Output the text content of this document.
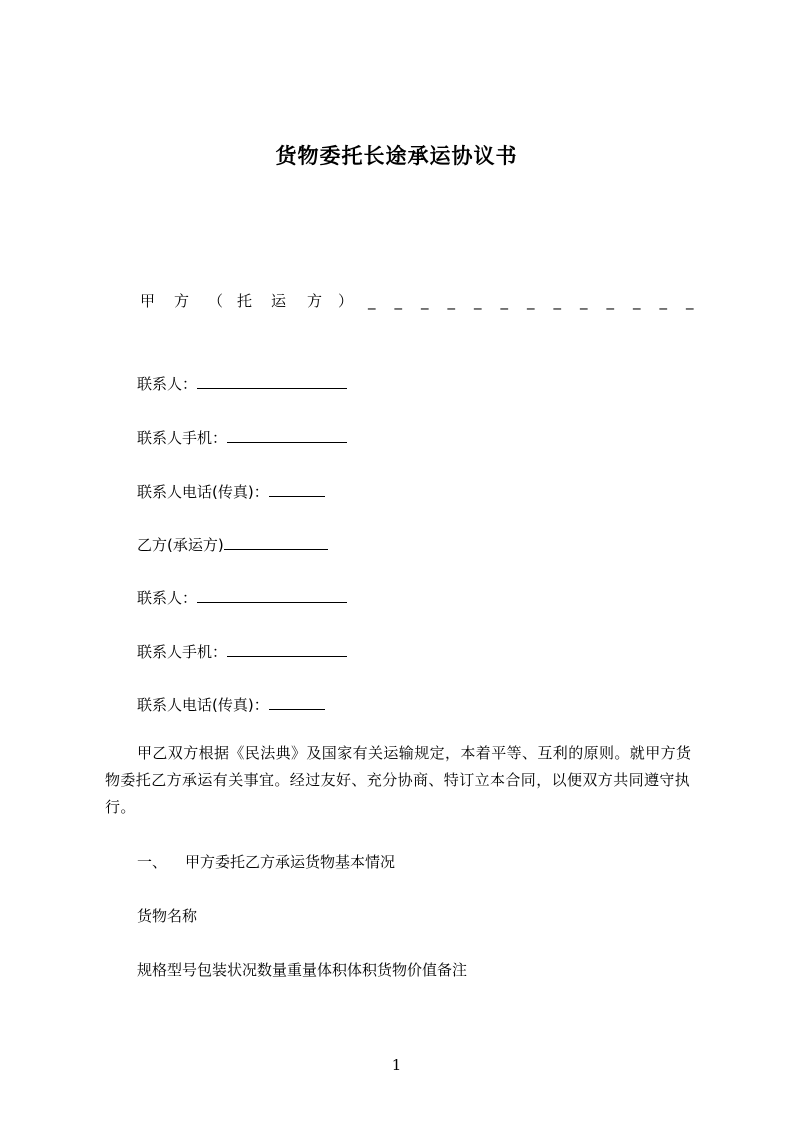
货物委托长途承运协议书
甲 方 （ 托 运 方 ） _ _ _ _ _ _ _ _ _ _ _ _ _
联系人：
联系人手机：
联系人电话(传真)：
乙方(承运方)
联系人：
联系人手机：
联系人电话(传真)：
甲乙双方根据《民法典》及国家有关运输规定，本着平等、互利的原则。就甲方货物委托乙方承运有关事宜。经过友好、充分协商、特订立本合同，以便双方共同遵守执行。
一、 甲方委托乙方承运货物基本情况
货物名称
规格型号包装状况数量重量体积体积货物价值备注
1
